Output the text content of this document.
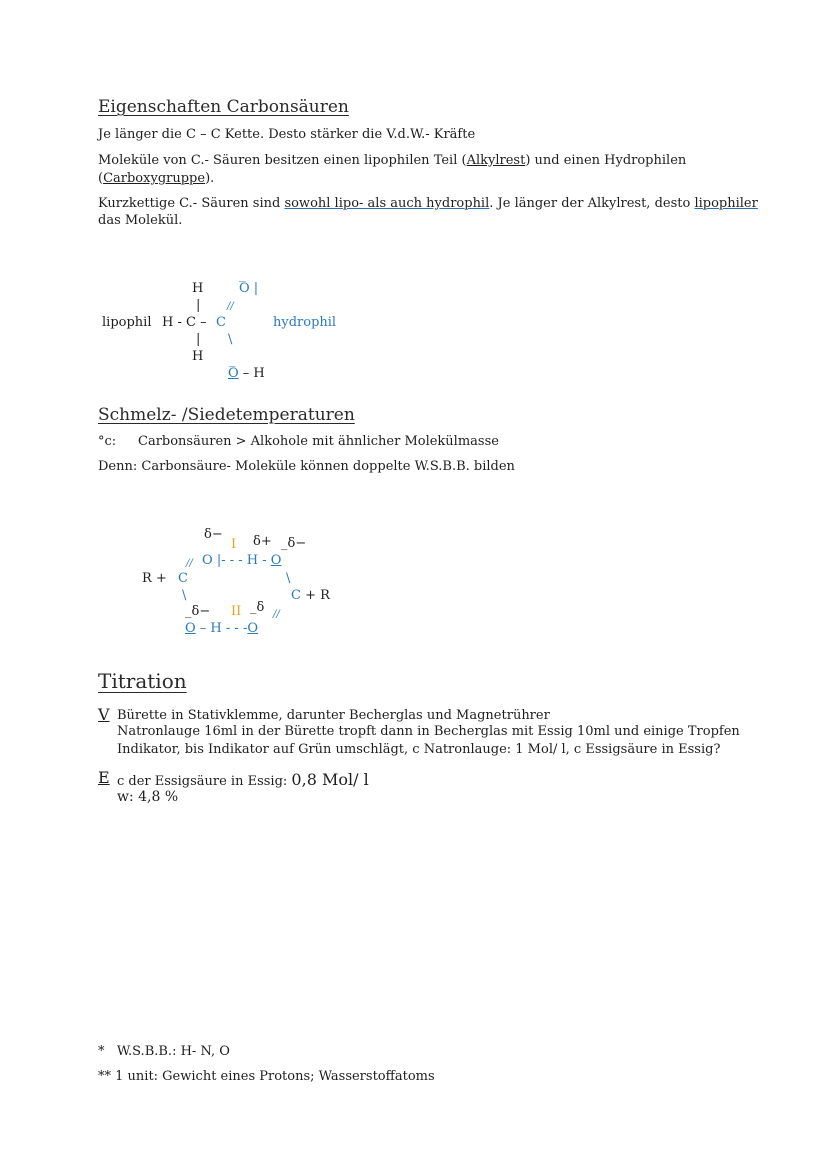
Eigenschaften Carbonsäuren
Je länger die C – C Kette. Desto stärker die V.d.W.- Kräfte
Moleküle von C.- Säuren besitzen einen lipophilen Teil (Alkylrest) und einen Hydrophilen
(Carboxygruppe).
Kurzkettige C.- Säuren sind sowohl lipo- als auch hydrophil. Je länger der Alkylrest, desto lipophiler
das Molekül.
H
_
O |
|	//
lipophil H - C – C	hydrophil
| \
H _
O – H
Schmelz- /Siedetemperaturen
°c: Carbonsäuren > Alkohole mit ähnlicher Molekülmasse
Denn: Carbonsäure- Moleküle können doppelte W.S.B.B. bilden
δ−
I δ+ _δ−
// O |- - - H - O
R + C	\
\	C + R
_δ− II _δ //
O – H - - -O
Titration
V Bürette in Stativklemme, darunter Becherglas und Magnetrührer
Natronlauge 16ml in der Bürette tropft dann in Becherglas mit Essig 10ml und einige Tropfen
Indikator, bis Indikator auf Grün umschlägt, c Natronlauge: 1 Mol/ l, c Essigsäure in Essig?
E c der Essigsäure in Essig: 0,8 Mol/ l
w: 4,8 %
*   W.S.B.B.: H- N, O
** 1 unit: Gewicht eines Protons; Wasserstoffatoms
